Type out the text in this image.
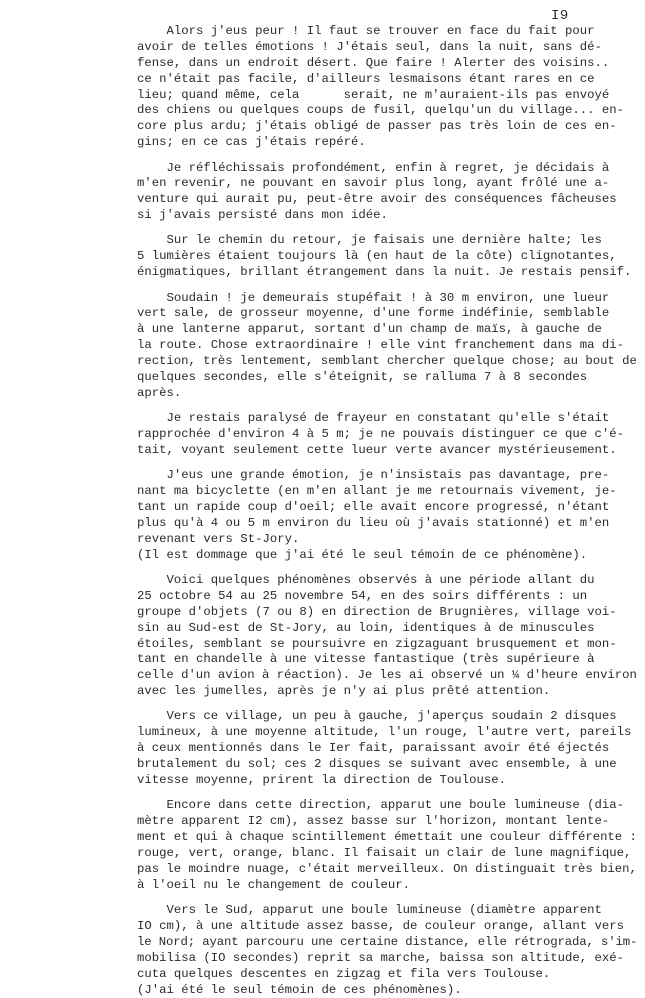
I9
Alors j'eus peur ! Il faut se trouver en face du fait pour
avoir de telles émotions ! J'étais seul, dans la nuit, sans dé-
fense, dans un endroit désert. Que faire ! Alerter des voisins..
ce n'était pas facile, d'ailleurs lesmaisons étant rares en ce
lieu; quand même, cela      serait, ne m'auraient-ils pas envoyé
des chiens ou quelques coups de fusil, quelqu'un du village... en-
core plus ardu; j'étais obligé de passer pas très loin de ces en-
gins; en ce cas j'étais repéré.
Je réfléchissais profondément, enfin à regret, je décidais à
m'en revenir, ne pouvant en savoir plus long, ayant frôlé une a-
venture qui aurait pu, peut-être avoir des conséquences fâcheuses
si j'avais persisté dans mon idée.
Sur le chemin du retour, je faisais une dernière halte; les
5 lumières étaient toujours là (en haut de la côte) clignotantes,
énigmatiques, brillant étrangement dans la nuit. Je restais pensif.
Soudain ! je demeurais stupéfait ! à 30 m environ, une lueur
vert sale, de grosseur moyenne, d'une forme indéfinie, semblable
à une lanterne apparut, sortant d'un champ de maïs, à gauche de
la route. Chose extraordinaire ! elle vint franchement dans ma di-
rection, très lentement, semblant chercher quelque chose; au bout de
quelques secondes, elle s'éteignit, se ralluma 7 à 8 secondes
après.
Je restais paralysé de frayeur en constatant qu'elle s'était
rapprochée d'environ 4 à 5 m; je ne pouvais distinguer ce que c'é-
tait, voyant seulement cette lueur verte avancer mystérieusement.
J'eus une grande émotion, je n'insistais pas davantage, pre-
nant ma bicyclette (en m'en allant je me retournais vivement, je-
tant un rapide coup d'oeil; elle avait encore progressé, n'étant
plus qu'à 4 ou 5 m environ du lieu où j'avais stationné) et m'en
revenant vers St-Jory.
(Il est dommage que j'ai été le seul témoin de ce phénomène).
Voici quelques phénomènes observés à une période allant du
25 octobre 54 au 25 novembre 54, en des soirs différents : un
groupe d'objets (7 ou 8) en direction de Brugnières, village voi-
sin au Sud-est de St-Jory, au loin, identiques à de minuscules
étoiles, semblant se poursuivre en zigzaguant brusquement et mon-
tant en chandelle à une vitesse fantastique (très supérieure à
celle d'un avion à réaction). Je les ai observé un ¼ d'heure environ
avec les jumelles, après je n'y ai plus prêté attention.
Vers ce village, un peu à gauche, j'aperçus soudain 2 disques
lumineux, à une moyenne altitude, l'un rouge, l'autre vert, pareils
à ceux mentionnés dans le Ier fait, paraissant avoir été éjectés
brutalement du sol; ces 2 disques se suivant avec ensemble, à une
vitesse moyenne, prirent la direction de Toulouse.
Encore dans cette direction, apparut une boule lumineuse (dia-
mètre apparent I2 cm), assez basse sur l'horizon, montant lente-
ment et qui à chaque scintillement émettait une couleur différente :
rouge, vert, orange, blanc. Il faisait un clair de lune magnifique,
pas le moindre nuage, c'était merveilleux. On distinguait très bien,
à l'oeil nu le changement de couleur.
Vers le Sud, apparut une boule lumineuse (diamètre apparent
IO cm), à une altitude assez basse, de couleur orange, allant vers
le Nord; ayant parcouru une certaine distance, elle rétrograda, s'im-
mobilisa (IO secondes) reprit sa marche, baissa son altitude, exé-
cuta quelques descentes en zigzag et fila vers Toulouse.
(J'ai été le seul témoin de ces phénomènes).
